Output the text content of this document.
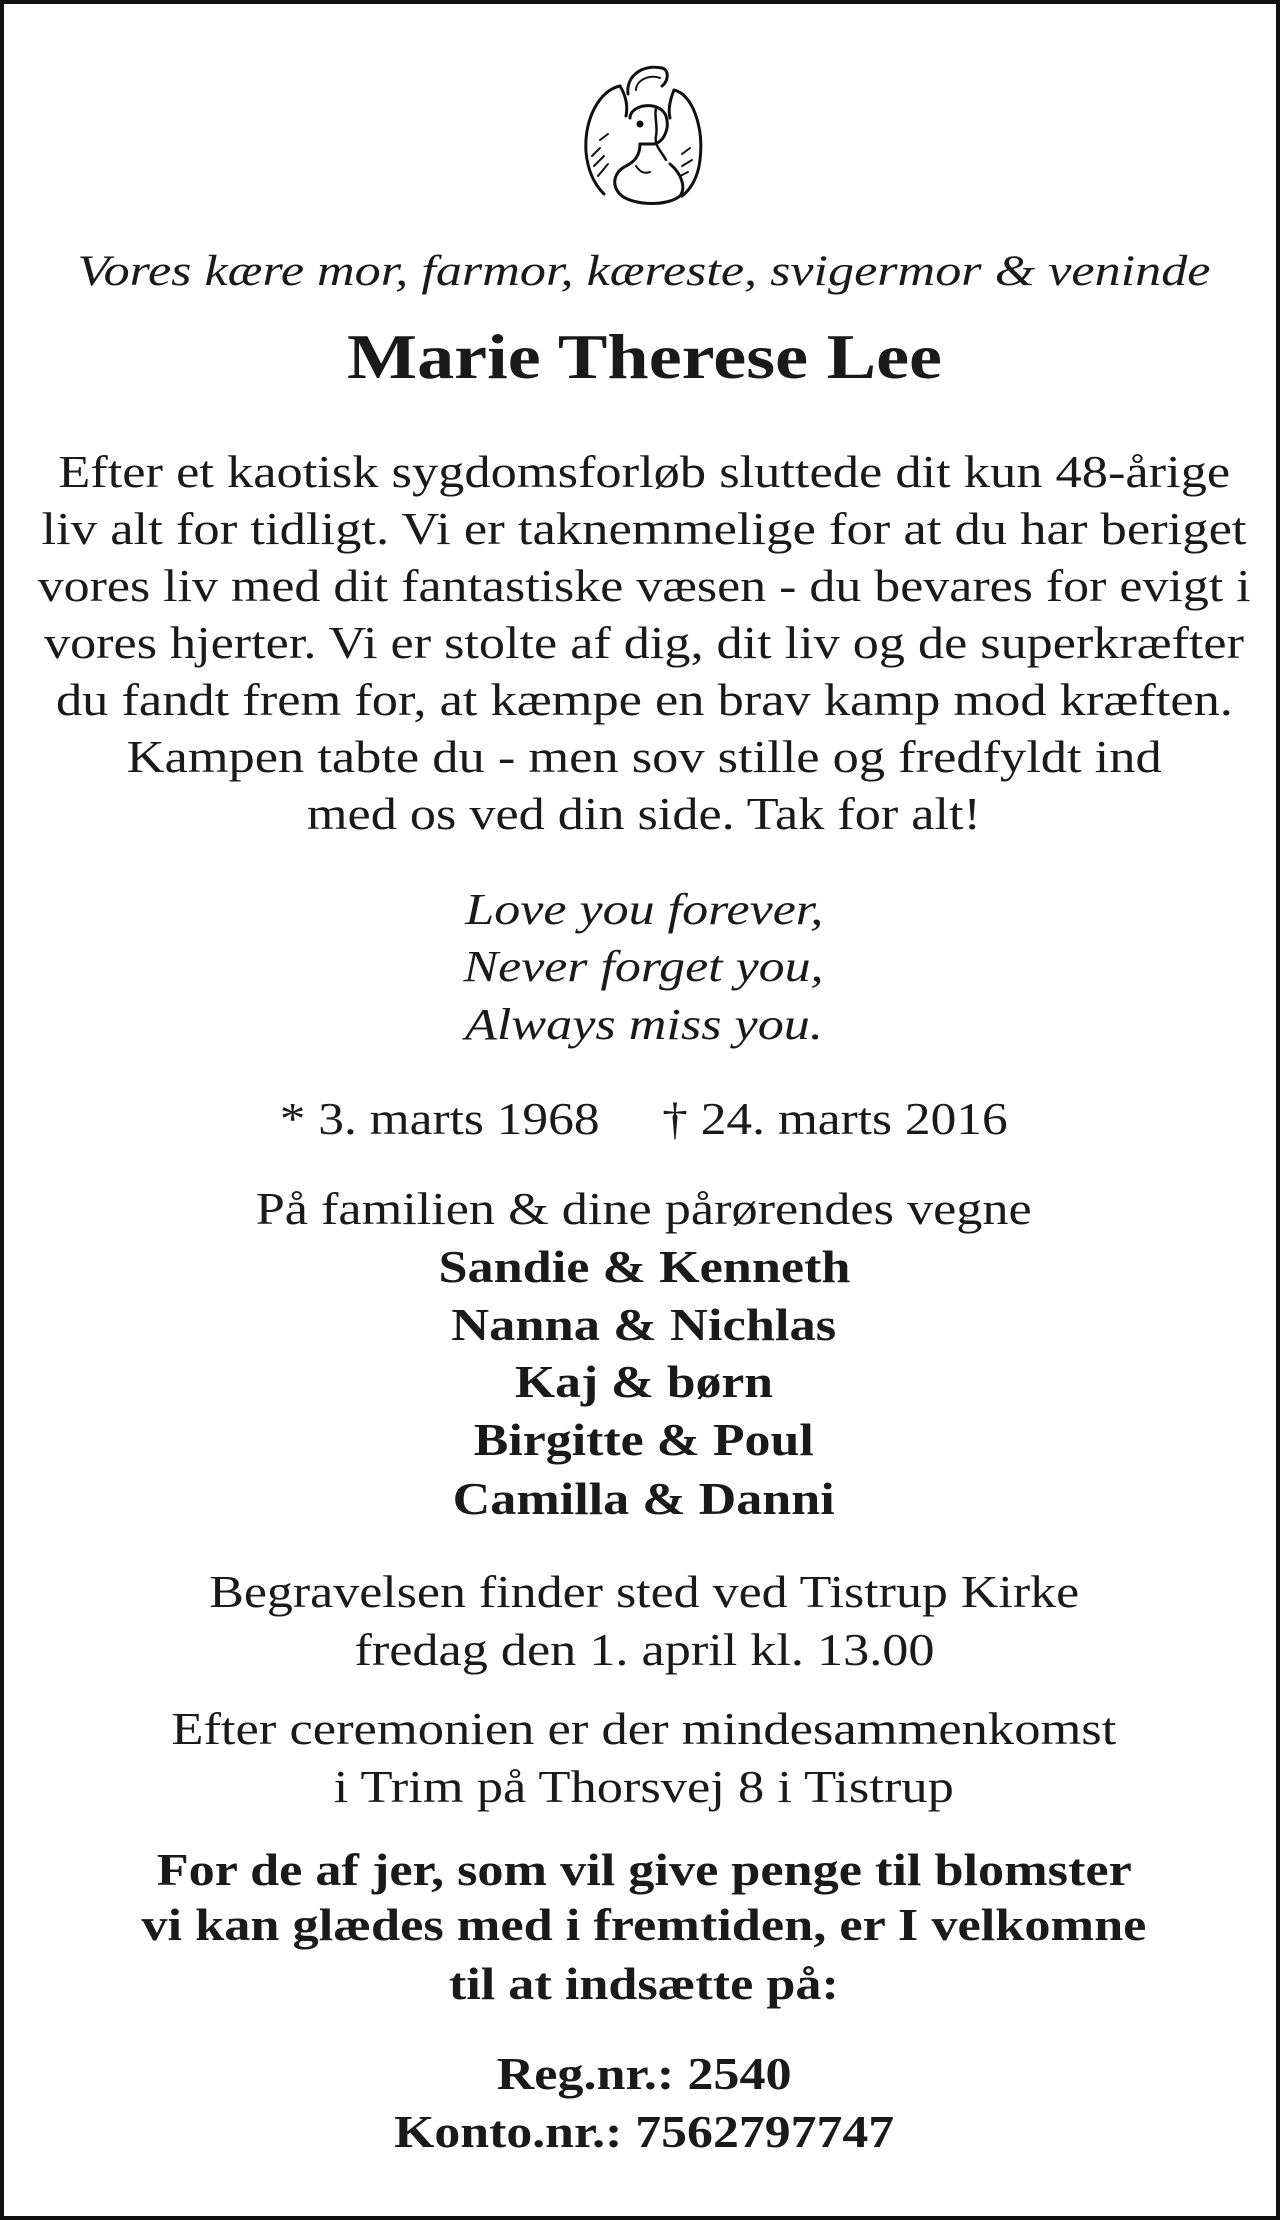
Vores kære mor, farmor, kæreste, svigermor & veninde
Marie Therese Lee
Efter et kaotisk sygdomsforløb sluttede dit kun 48-årige
liv alt for tidligt. Vi er taknemmelige for at du har beriget
vores liv med dit fantastiske væsen - du bevares for evigt i
vores hjerter. Vi er stolte af dig, dit liv og de superkræfter
du fandt frem for, at kæmpe en brav kamp mod kræften.
Kampen tabte du - men sov stille og fredfyldt ind
med os ved din side. Tak for alt!
Love you forever,
Never forget you,
Always miss you.
* 3. marts 1968 † 24. marts 2016
På familien & dine pårørendes vegne
Sandie & Kenneth
Nanna & Nichlas
Kaj & børn
Birgitte & Poul
Camilla & Danni
Begravelsen finder sted ved Tistrup Kirke
fredag den 1. april kl. 13.00
Efter ceremonien er der mindesammenkomst
i Trim på Thorsvej 8 i Tistrup
For de af jer, som vil give penge til blomster
vi kan glædes med i fremtiden, er I velkomne
til at indsætte på:
Reg.nr.: 2540
Konto.nr.: 7562797747
